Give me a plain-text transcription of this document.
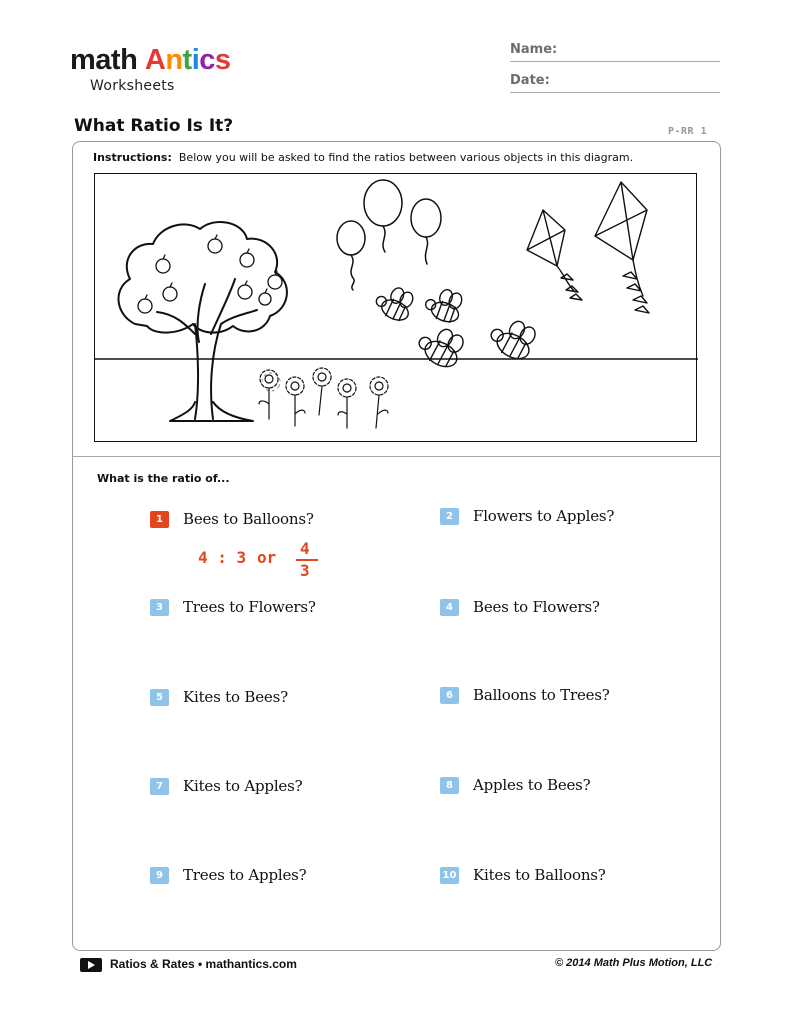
math Antics
Worksheets
Name:
Date:
What Ratio Is It?	P-RR 1
Instructions: Below you will be asked to find the ratios between various objects in this diagram.
What is the ratio of...
1	Bees to Balloons?	2	Flowers to Apples?
3	Trees to Flowers?	4	Bees to Flowers?
5	Kites to Bees?	6	Balloons to Trees?
7	Kites to Apples?	8	Apples to Bees?
9	Trees to Apples?	10 Kites to Balloons?
4 : 3 or 4
3
Ratios & Rates • mathantics.com	© 2014 Math Plus Motion, LLC
